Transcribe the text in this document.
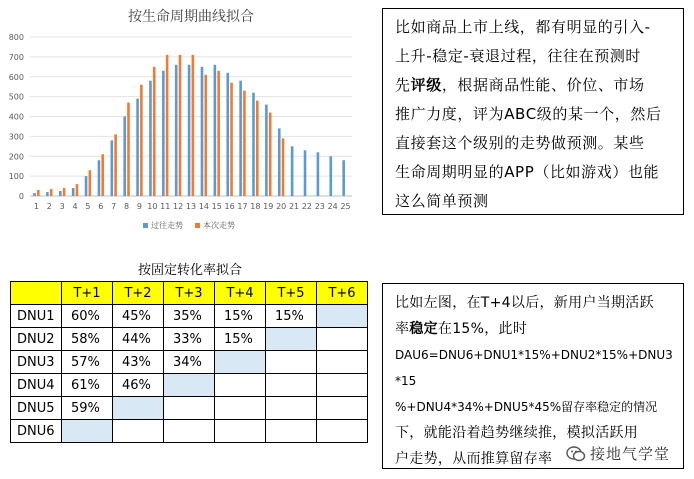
按生命周期曲线拟合
0
100
200
300
400
500
600
700
800
1 2 3 4 5 6 7 8 9 10 11 12 13 14 15 16 17 18 19 20 21 22 23 24 25
过往走势	本次走势
比如商品上市上线，都有明显的引入-
上升-稳定-衰退过程，往往在预测时
先评级，根据商品性能、价位、市场
推广力度，评为ABC级的某一个，然后
直接套这个级别的走势做预测。某些
生命周期明显的APP（比如游戏）也能
这么简单预测
按固定转化率拟合
	T+1	T+2	T+3	T+4	T+5	T+6
DNU1	60%	45%	35%	15%	15%	
DNU2	58%	44%	33%	15%		
DNU3	57%	43%	34%			
DNU4	61%	46%				
DNU5	59%					
DNU6						
比如左图，在T+4以后，新用户当期活跃
率稳定在15%，此时
DAU6=DNU6+DNU1*15%+DNU2*15%+DNU3*15
%+DNU4*34%+DNU5*45%留存率稳定的情况
下，就能沿着趋势继续推，模拟活跃用
户走势，从而推算留存率	接地气学堂
